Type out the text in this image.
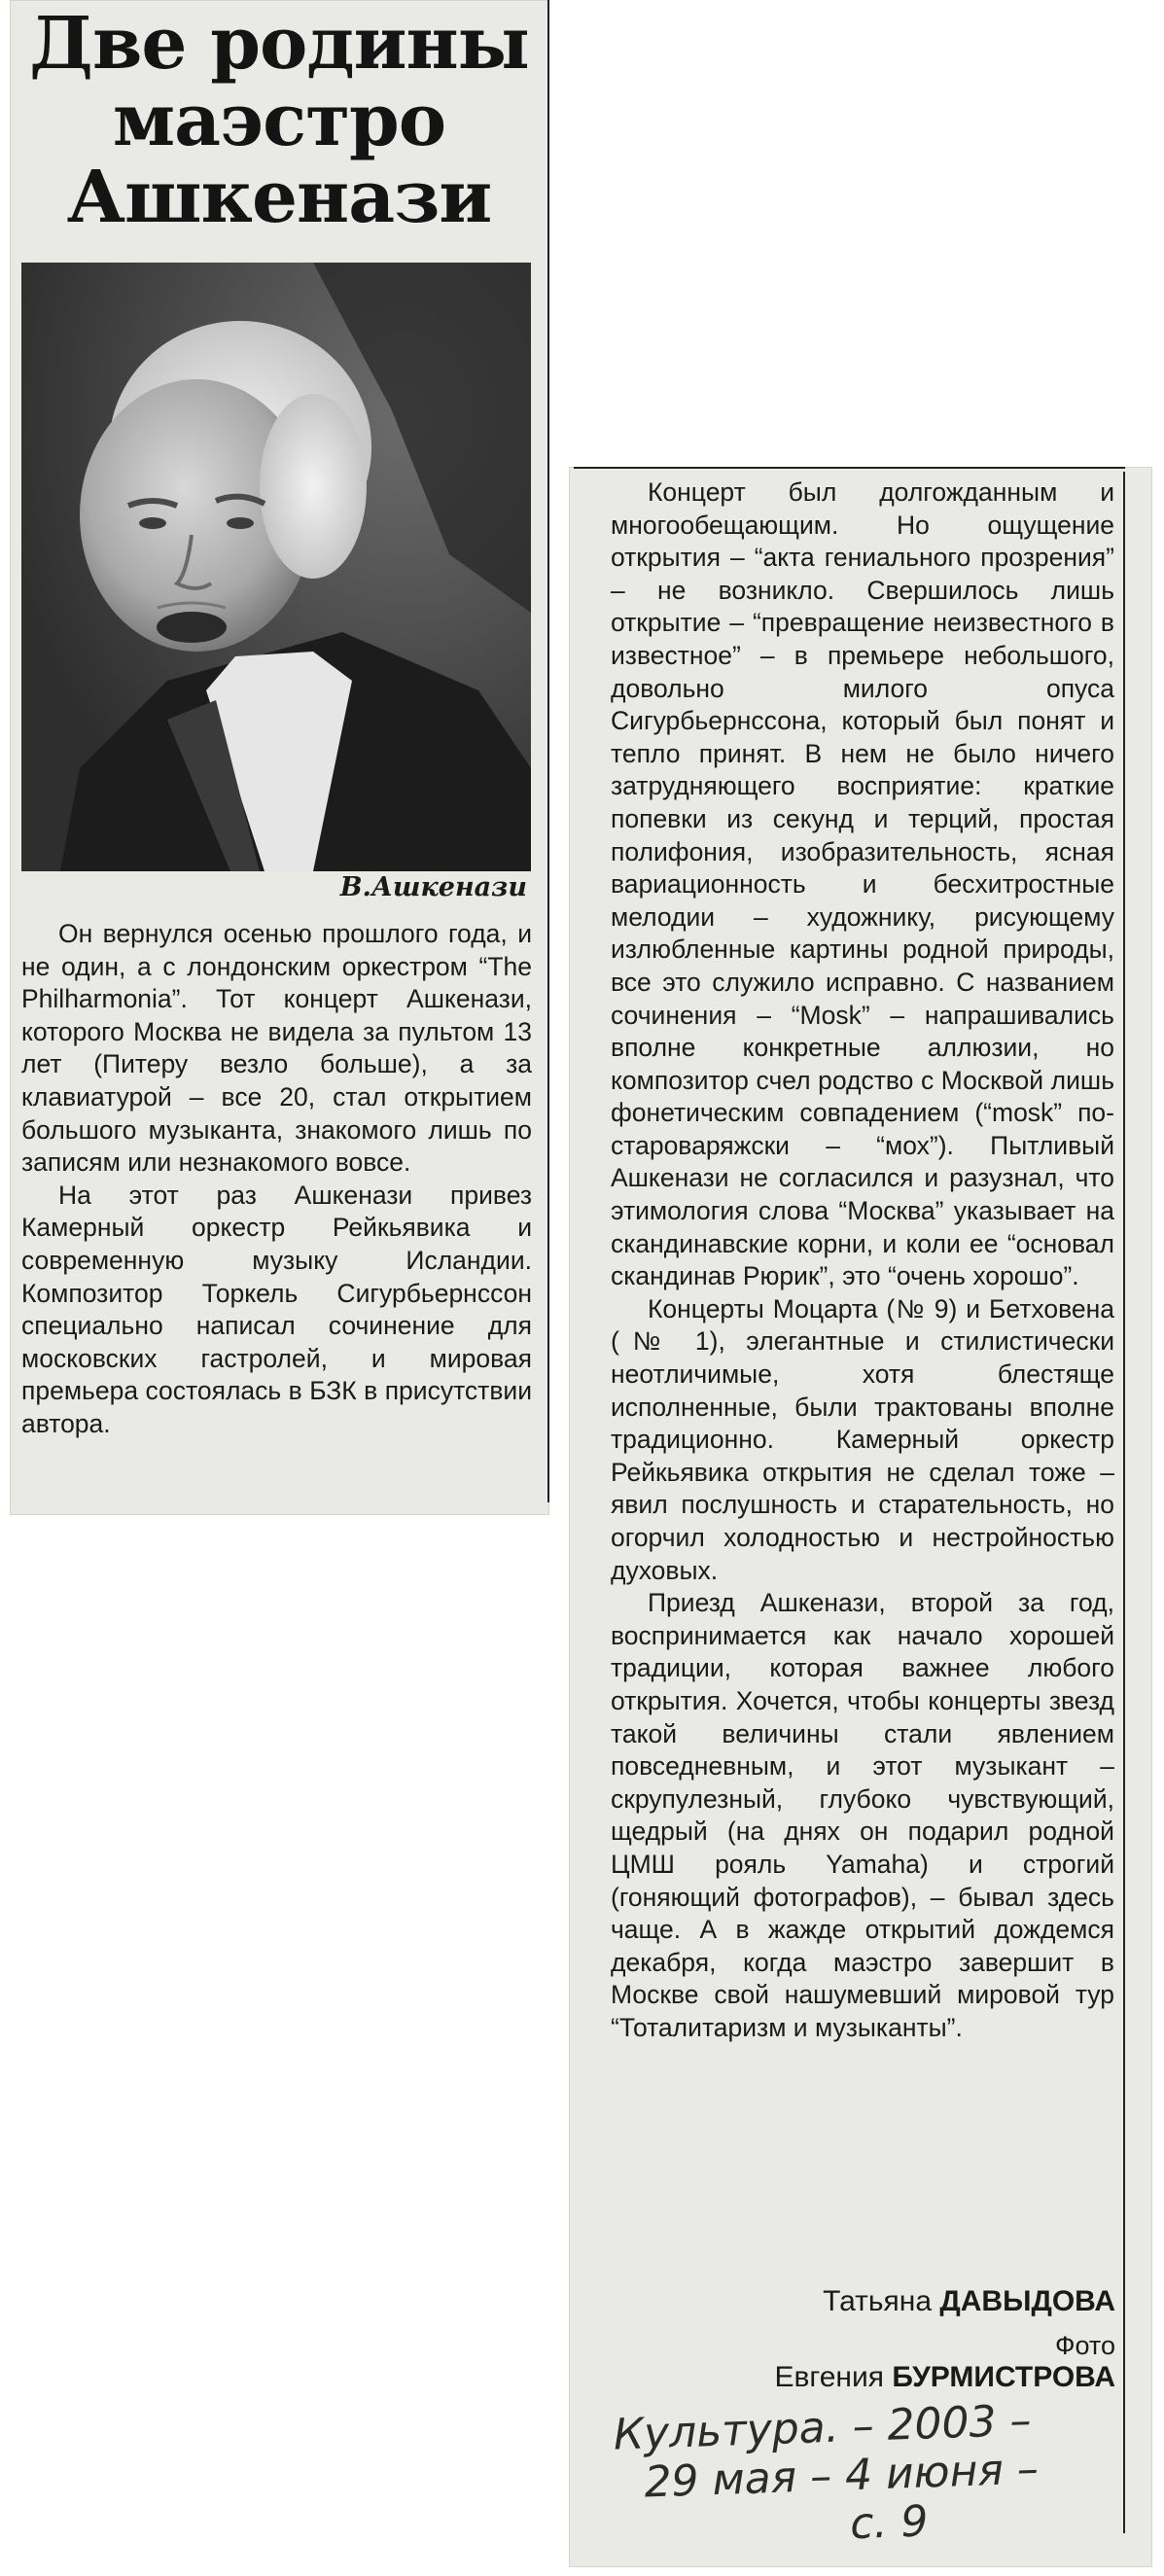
Две родины маэстро Ашкенази
В.Ашкенази

Он вернулся осенью прошлого года, и не один, а с лондонским оркестром “The Philharmonia”. Тот концерт Ашкенази, которого Москва не видела за пультом 13 лет (Питеру везло больше), а за клавиатурой – все 20, стал открытием большого музыканта, знакомого лишь по записям или незнакомого вовсе.

На этот раз Ашкенази привез Камерный оркестр Рейкьявика и современную музыку Исландии. Композитор Торкель Сигурбьернссон специально написал сочинение для московских гастролей, и мировая премьера состоялась в БЗК в присутствии автора.

Концерт был долгожданным и многообещающим. Но ощущение открытия – “акта гениального прозрения” – не возникло. Свершилось лишь открытие – “превращение неизвестного в известное” – в премьере небольшого, довольно милого опуса Сигурбьернссона, который был понят и тепло принят. В нем не было ничего затрудняющего восприятие: краткие попевки из секунд и терций, простая полифония, изобразительность, ясная вариационность и бесхитростные мелодии – художнику, рисующему излюбленные картины родной природы, все это служило исправно. С названием сочинения – “Mosk” – напрашивались вполне конкретные аллюзии, но композитор счел родство с Москвой лишь фонетическим совпадением (“mosk” по-староваряжски – “мох”). Пытливый Ашкенази не согласился и разузнал, что этимология слова “Москва” указывает на скандинавские корни, и коли ее “основал скандинав Рюрик”, это “очень хорошо”.

Концерты Моцарта (№ 9) и Бетховена (№ 1), элегантные и стилистически неотличимые, хотя блестяще исполненные, были трактованы вполне традиционно. Камерный оркестр Рейкьявика открытия не сделал тоже – явил послушность и старательность, но огорчил холодностью и нестройностью духовых.

Приезд Ашкенази, второй за год, воспринимается как начало хорошей традиции, которая важнее любого открытия. Хочется, чтобы концерты звезд такой величины стали явлением повседневным, и этот музыкант – скрупулезный, глубоко чувствующий, щедрый (на днях он подарил родной ЦМШ рояль Yamaha) и строгий (гоняющий фотографов), – бывал здесь чаще. А в жажде открытий дождемся декабря, когда маэстро завершит в Москве свой нашумевший мировой тур “Тоталитаризм и музыканты”.

Татьяна ДАВЫДОВА
Фото
Евгения БУРМИСТРОВА
Культура. – 2003 –
29 мая – 4 июня –
с. 9
